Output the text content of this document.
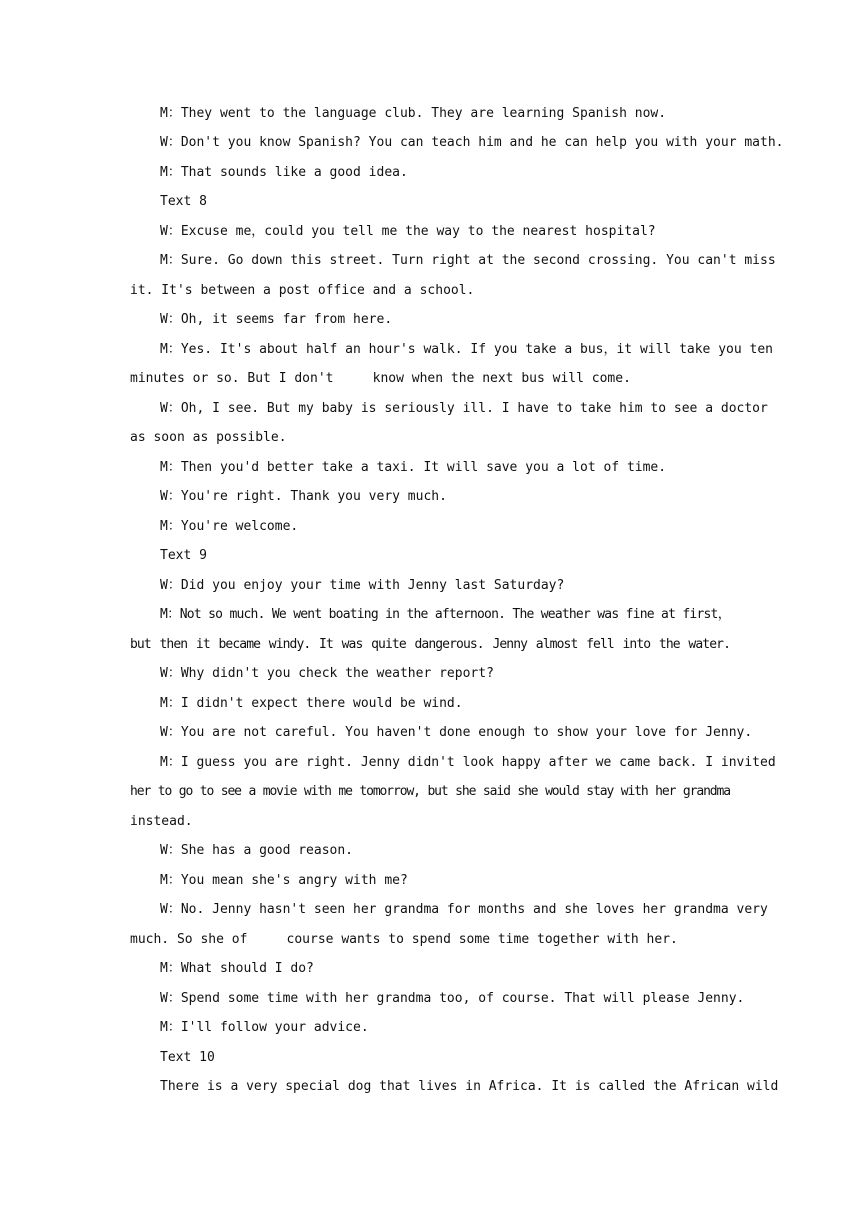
M：They went to the language club. They are learning Spanish now.
W：Don't you know Spanish? You can teach him and he can help you with your math.
M：That sounds like a good idea.
Text 8
W：Excuse me，could you tell me the way to the nearest hospital?
M：Sure. Go down this street. Turn right at the second crossing. You can't miss
it. It's between a post office and a school.
W：Oh, it seems far from here.
M：Yes. It's about half an hour's walk. If you take a bus，it will take you ten
minutes or so. But I don't     know when the next bus will come.
W：Oh, I see. But my baby is seriously ill. I have to take him to see a doctor
as soon as possible.
M：Then you'd better take a taxi. It will save you a lot of time.
W：You're right. Thank you very much.
M：You're welcome.
Text 9
W：Did you enjoy your time with Jenny last Saturday?
M：Not so much. We went boating in the afternoon. The weather was fine at first，
but then it became windy. It was quite dangerous. Jenny almost fell into the water.
W：Why didn't you check the weather report?
M：I didn't expect there would be wind.
W：You are not careful. You haven't done enough to show your love for Jenny.
M：I guess you are right. Jenny didn't look happy after we came back. I invited
her to go to see a movie with me tomorrow, but she said she would stay with her grandma
instead.
W：She has a good reason.
M：You mean she's angry with me?
W：No. Jenny hasn't seen her grandma for months and she loves her grandma very
much. So she of     course wants to spend some time together with her.
M：What should I do?
W：Spend some time with her grandma too, of course. That will please Jenny.
M：I'll follow your advice.
Text 10
There is a very special dog that lives in Africa. It is called the African wild
